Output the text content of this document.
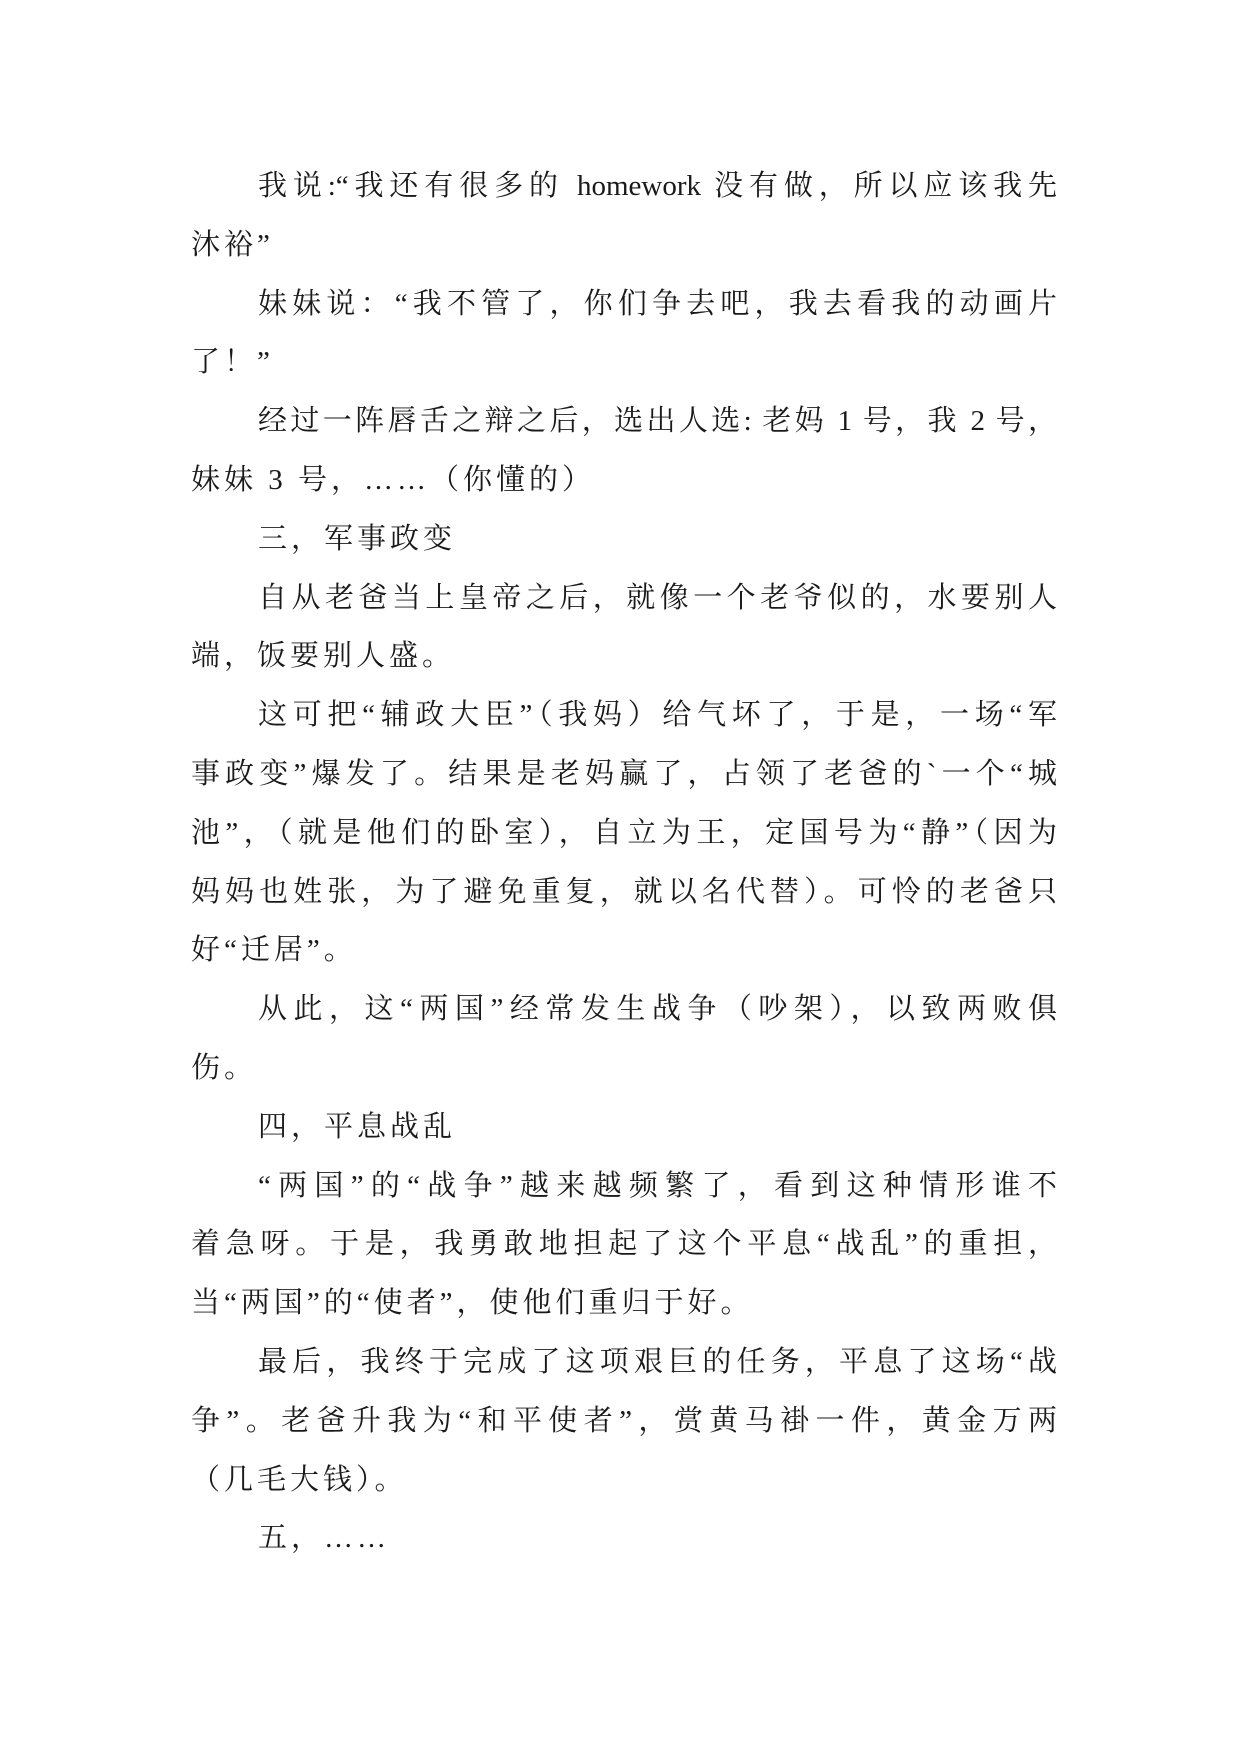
我说:“我还有很多的 homework 没有做，所以应该我先
沐裕”
妹妹说：“我不管了，你们争去吧，我去看我的动画片
了！”
经过一阵唇舌之辩之后，选出人选: 老妈 1 号，我 2 号，
妹妹 3 号，……（你懂的）
三，军事政变
自从老爸当上皇帝之后，就像一个老爷似的，水要别人
端，饭要别人盛。
这可把“辅政大臣”（我妈）给气坏了，于是，一场“军
事政变”爆发了。结果是老妈赢了，占领了老爸的`一个“城
池”，（就是他们的卧室），自立为王，定国号为“静”（因为
妈妈也姓张，为了避免重复，就以名代替）。可怜的老爸只
好“迁居”。
从此，这“两国”经常发生战争（吵架），以致两败俱
伤。
四，平息战乱
“两国”的“战争”越来越频繁了，看到这种情形谁不
着急呀。于是，我勇敢地担起了这个平息“战乱”的重担，
当“两国”的“使者”，使他们重归于好。
最后，我终于完成了这项艰巨的任务，平息了这场“战
争”。老爸升我为“和平使者”，赏黄马褂一件，黄金万两
（几毛大钱）。
五，……
